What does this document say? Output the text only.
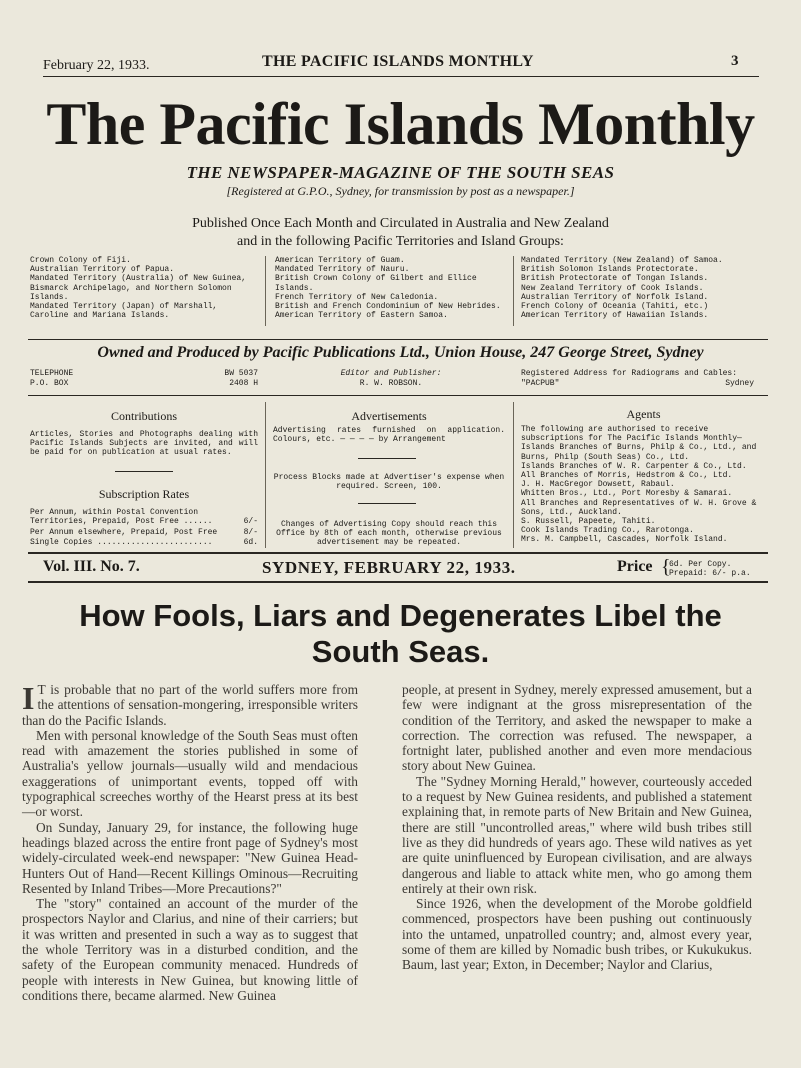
February 22, 1933.	THE PACIFIC ISLANDS MONTHLY	3
The Pacific Islands Monthly
THE NEWSPAPER-MAGAZINE OF THE SOUTH SEAS
[Registered at G.P.O., Sydney, for transmission by post as a newspaper.]
Published Once Each Month and Circulated in Australia and New Zealand
and in the following Pacific Territories and Island Groups:
Crown Colony of Fiji.
Australian Territory of Papua.
Mandated Territory (Australia) of New Guinea, Bismarck Archipelago, and Northern Solomon Islands.
Mandated Territory (Japan) of Marshall, Caroline and Mariana Islands.
American Territory of Guam.
Mandated Territory of Nauru.
British Crown Colony of Gilbert and Ellice Islands.
French Territory of New Caledonia.
British and French Condominium of New Hebrides.
American Territory of Eastern Samoa.
Mandated Territory (New Zealand) of Samoa.
British Solomon Islands Protectorate.
British Protectorate of Tongan Islands.
New Zealand Territory of Cook Islands.
Australian Territory of Norfolk Island.
French Colony of Oceania (Tahiti, etc.)
American Territory of Hawaiian Islands.
Owned and Produced by Pacific Publications Ltd., Union House, 247 George Street, Sydney
TELEPHONE	BW 5037
P.O. BOX	2408 H
Editor and Publisher:
R. W. ROBSON.
Registered Address for Radiograms and Cables:
"PACPUB"	Sydney
Contributions
Articles, Stories and Photographs dealing with Pacific Islands Subjects are invited, and will be paid for on publication at usual rates.
Subscription Rates
Per Annum, within Postal Convention Territories, Prepaid, Post Free ......	6/-
Per Annum elsewhere, Prepaid, Post Free	8/-
Single Copies ........................	6d.
Advertisements
Advertising rates furnished on application. Colours, etc. — — — — by Arrangement
Process Blocks made at Advertiser's expense when required. Screen, 100.
Changes of Advertising Copy should reach this Office by 8th of each month, otherwise previous advertisement may be repeated.
Agents
The following are authorised to receive subscriptions for The Pacific Islands Monthly—
Islands Branches of Burns, Philp & Co., Ltd., and Burns, Philp (South Seas) Co., Ltd.
Islands Branches of W. R. Carpenter & Co., Ltd.
All Branches of Morris, Hedstrom & Co., Ltd.
J. H. MacGregor Dowsett, Rabaul.
Whitten Bros., Ltd., Port Moresby & Samarai.
All Branches and Representatives of W. H. Grove & Sons, Ltd., Auckland.
S. Russell, Papeete, Tahiti.
Cook Islands Trading Co., Rarotonga.
Mrs. M. Campbell, Cascades, Norfolk Island.
Vol. III. No. 7.	SYDNEY, FEBRUARY 22, 1933.	Price {
6d. Per Copy.
Prepaid: 6/- p.a.
How Fools, Liars and Degenerates Libel the
South Seas.

I T is probable that no part of the world suffers more from the attentions of sensation-mongering, irresponsible writers than do the Pacific Islands.

Men with personal knowledge of the South Seas must often read with amazement the stories published in some of Australia's yellow journals—usually wild and mendacious exaggerations of unimportant events, topped off with typographical screeches worthy of the Hearst press at its best—or worst.

On Sunday, January 29, for instance, the following huge headings blazed across the entire front page of Sydney's most widely-circulated week-end newspaper: "New Guinea Head-Hunters Out of Hand—Recent Killings Ominous—Recruiting Resented by Inland Tribes—More Precautions?"

The "story" contained an account of the murder of the prospectors Naylor and Clarius, and nine of their carriers; but it was written and presented in such a way as to suggest that the whole Territory was in a disturbed condition, and the safety of the European community menaced. Hundreds of people with interests in New Guinea, but knowing little of conditions there, became alarmed. New Guinea

people, at present in Sydney, merely expressed amusement, but a few were indignant at the gross misrepresentation of the condition of the Territory, and asked the newspaper to make a correction. The correction was refused. The newspaper, a fortnight later, published another and even more mendacious story about New Guinea.

The "Sydney Morning Herald," however, courteously acceded to a request by New Guinea residents, and published a statement explaining that, in remote parts of New Britain and New Guinea, there are still "uncontrolled areas," where wild bush tribes still live as they did hundreds of years ago. These wild natives as yet are quite uninfluenced by European civilisation, and are always dangerous and liable to attack white men, who go among them entirely at their own risk.

Since 1926, when the development of the Morobe goldfield commenced, prospectors have been pushing out continuously into the untamed, unpatrolled country; and, almost every year, some of them are killed by Nomadic bush tribes, or Kukukukus. Baum, last year; Exton, in December; Naylor and Clarius,
